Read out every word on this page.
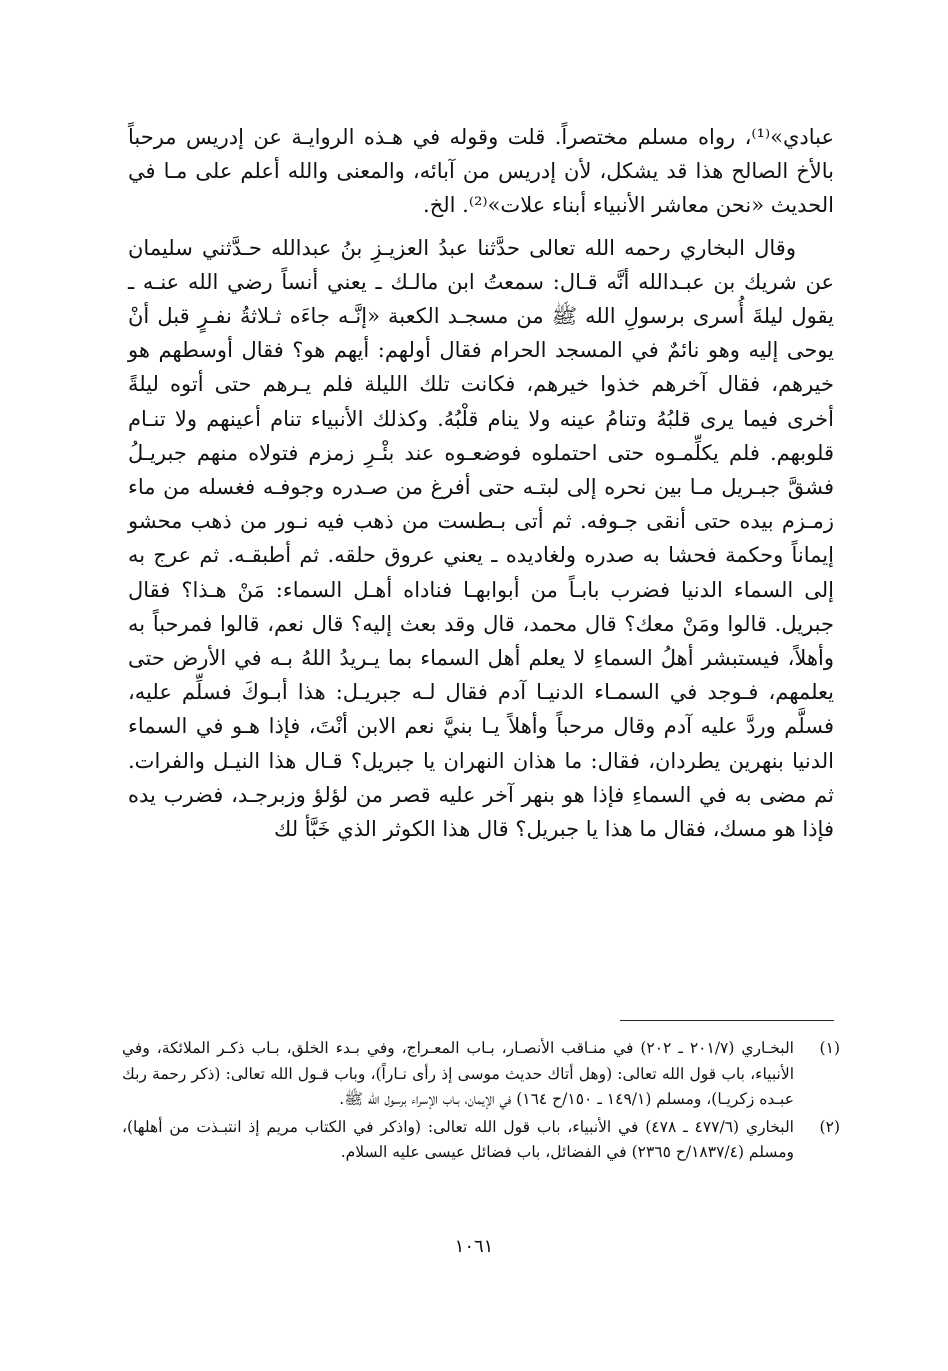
عبادي»⁽¹⁾، رواه مسلم مختصراً. قلت وقوله في هـذه الروايـة عن إدريس مرحباً بالأخ الصالح هذا قد يشكل، لأن إدريس من آبائه، والمعنى والله أعلم على مـا في الحديث «نحن معاشر الأنبياء أبناء علات»⁽²⁾. الخ.

وقال البخاري رحمه الله تعالى حدَّثنا عبدُ العزيـزِ بنُ عبدالله حـدَّثني سليمان عن شريك بن عبـدالله أنَّه قـال: سمعتُ ابن مالـك ـ يعني أنساً رضي الله عنـه ـ يقول ليلةَ أُسرى برسولِ الله ﷺ من مسجـد الكعبة «إنَّـه جاءَه ثـلاثةُ نفـرٍ قبل أنْ يوحى إليه وهو نائمٌ في المسجد الحرام فقال أولهم: أيهم هو؟ فقال أوسطهم هو خيرهم، فقال آخرهم خذوا خيرهم، فكانت تلك الليلة فلم يـرهم حتى أتوه ليلةً أخرى فيما يرى قلبُهُ وتنامُ عينه ولا ينام قلْبُهُ. وكذلك الأنبياء تنام أعينهم ولا تنـام قلوبهم. فلم يكلِّمـوه حتى احتملوه فوضعـوه عند بئْـرِ زمزم فتولاه منهم جبريـلُ فشقَّ جبـريل مـا بين نحره إلى لبتـه حتى أفرغ من صـدره وجوفـه فغسله من ماء زمـزم بيده حتى أنقى جـوفه. ثم أتى بـطست من ذهب فيه نـور من ذهب محشو إيماناً وحكمة فحشا به صدره ولغاديده ـ يعني عروق حلقه. ثم أطبقـه. ثم عرج به إلى السماء الدنيا فضرب بابـاً من أبوابهـا فناداه أهـل السماء: مَنْ هـذا؟ فقال جبريل. قالوا ومَنْ معك؟ قال محمد، قال وقد بعث إليه؟ قال نعم، قالوا فمرحباً به وأهلاً، فيستبشر أهلُ السماءِ لا يعلم أهل السماء بما يـريدُ اللهُ بـه في الأرض حتى يعلمهم، فـوجد في السمـاء الدنيـا آدم فقال لـه جبريـل: هذا أبـوكَ فسلِّم عليه، فسلَّم وردَّ عليه آدم وقال مرحباً وأهلاً يـا بنيَّ نعم الابن أنْتَ، فإذا هـو في السماء الدنيا بنهرين يطردان، فقال: ما هذان النهران يا جبريل؟ قـال هذا النيـل والفرات. ثم مضى به في السماءِ فإذا هو بنهر آخر عليه قصر من لؤلؤ وزبرجـد، فضرب يده فإذا هو مسك، فقال ما هذا يا جبريل؟ قال هذا الكوثر الذي خَبَّأ لك

(١)
البخـاري (٢٠١/٧ ـ ٢٠٢) في منـاقب الأنصـار، بـاب المعـراج، وفي بـدء الخلق، بـاب ذكـر الملائكة، وفي الأنبياء، باب قول الله تعالى: (وهل أتاك حديث موسى إذ رأى نـاراً)، وباب قـول الله تعالى: (ذكر رحمة ربك عبـده زكريـا)، ومسلم (١٤٩/١ ـ ١٥٠/ح ١٦٤) في الإيمان، بـاب الإسراء برسول الله ﷺ.
(٢)
البخاري (٤٧٧/٦ ـ ٤٧٨) في الأنبياء، باب قول الله تعالى: (واذكر في الكتاب مريم إذ انتبـذت من أهلها)، ومسلم (١٨٣٧/٤/ح ٢٣٦٥) في الفضائل، باب فضائل عيسى عليه السلام.
١٠٦١
